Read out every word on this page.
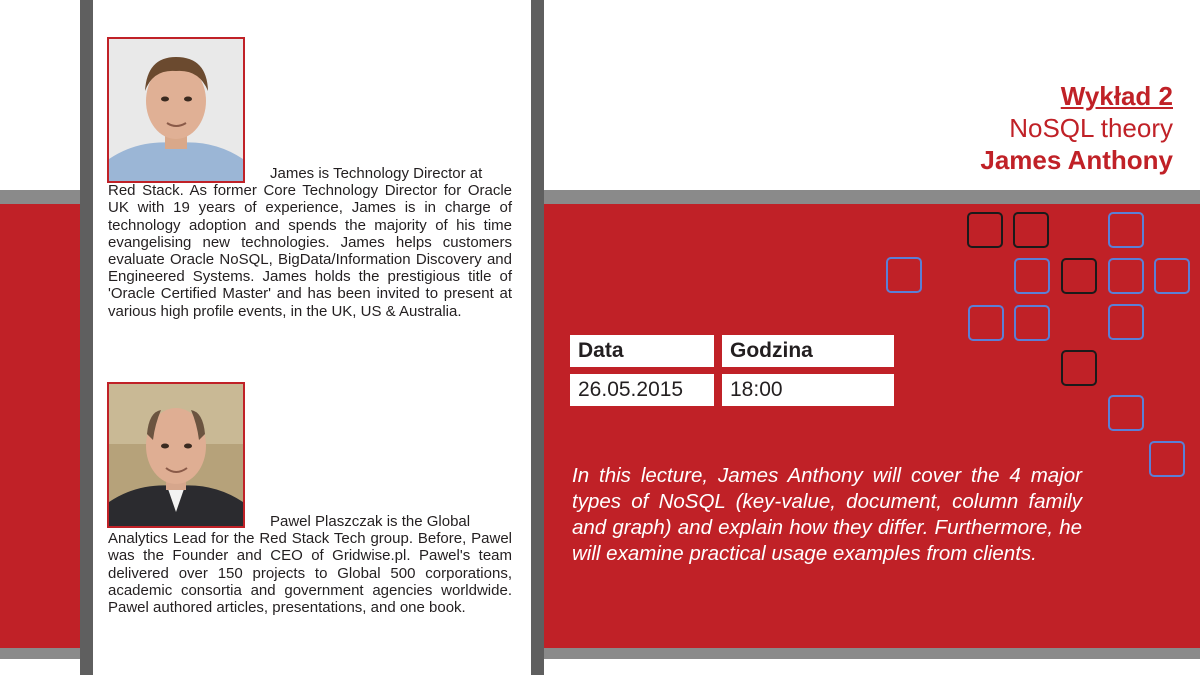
James is Technology Director at
Red Stack. As former Core Technology Director for Oracle UK with 19 years of experience, James is in charge of technology adoption and spends the majority of his time evangelising new technologies. James helps customers evaluate Oracle NoSQL, BigData/Information Discovery and Engineered Systems. James holds the prestigious title of 'Oracle Certified Master' and has been invited to present at various high profile events, in the UK, US & Australia.

Pawel Plaszczak is the Global
Analytics Lead for the Red Stack Tech group. Before, Pawel was the Founder and CEO of Gridwise.pl. Pawel's team delivered over 150 projects to Global 500 corporations, academic consortia and government agencies worldwide. Pawel authored articles, presentations, and one book.

Wykład 2
NoSQL theory
James Anthony
Data	Godzina
26.05.2015	18:00

In this lecture, James Anthony will cover the 4 major types of NoSQL (key-value, document, column family and graph) and explain how they differ. Furthermore, he will examine practical usage examples from clients.
